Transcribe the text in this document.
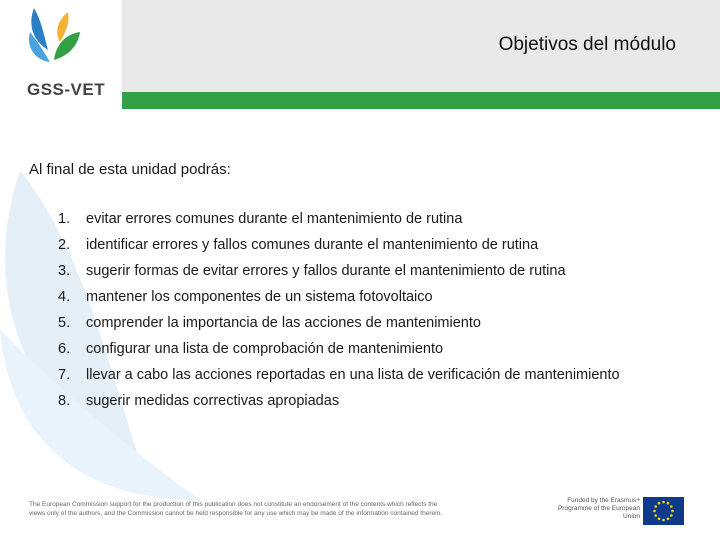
GSS-VET
Objetivos del módulo
Al final de esta unidad podrás:
1.	evitar errores comunes durante el mantenimiento de rutina
2.	identificar errores y fallos comunes durante el mantenimiento de rutina
3.	sugerir formas de evitar errores y fallos durante el mantenimiento de rutina
4.	mantener los componentes de un sistema fotovoltaico
5.	comprender la importancia de las acciones de mantenimiento
6.	configurar una lista de comprobación de mantenimiento
7.	llevar a cabo las acciones reportadas en una lista de verificación de mantenimiento
8.	sugerir medidas correctivas apropiadas
The European Commission support for the production of this publication does not constitute an endorsement of the contents which reflects the views only of the authors, and the Commission cannot be held responsible for any use which may be made of the information contained therein.
Funded by the Erasmus+ Programme of the European Union
